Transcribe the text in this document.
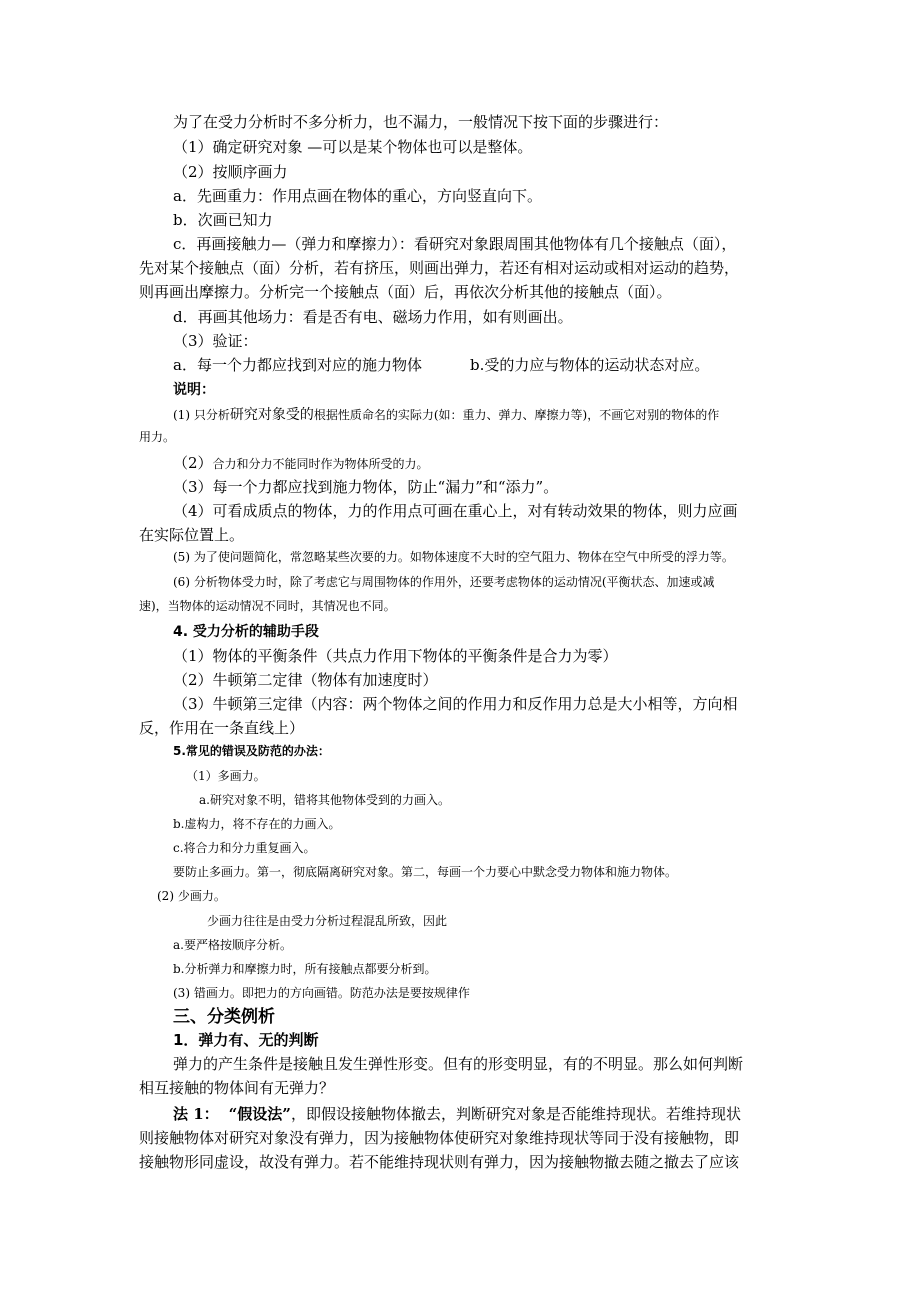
为了在受力分析时不多分析力，也不漏力，一般情况下按下面的步骤进行：
（1）确定研究对象 —可以是某个物体也可以是整体。
（2）按顺序画力
a．先画重力：作用点画在物体的重心，方向竖直向下。
b．次画已知力
c．再画接触力—（弹力和摩擦力）：看研究对象跟周围其他物体有几个接触点（面），
先对某个接触点（面）分析，若有挤压，则画出弹力，若还有相对运动或相对运动的趋势，
则再画出摩擦力。分析完一个接触点（面）后，再依次分析其他的接触点（面）。
d．再画其他场力：看是否有电、磁场力作用，如有则画出。
（3）验证：
a．每一个力都应找到对应的施力物体	b.受的力应与物体的运动状态对应。
说明：
(1) 只分析研究对象受的根据性质命名的实际力(如：重力、弹力、摩擦力等)，不画它对别的物体的作
用力。
（2）合力和分力不能同时作为物体所受的力。
（3）每一个力都应找到施力物体，防止“漏力”和“添力”。
（4）可看成质点的物体，力的作用点可画在重心上，对有转动效果的物体，则力应画
在实际位置上。
(5) 为了使问题简化，常忽略某些次要的力。如物体速度不大时的空气阻力、物体在空气中所受的浮力等。
(6) 分析物体受力时，除了考虑它与周围物体的作用外，还要考虑物体的运动情况(平衡状态、加速或减
速)，当物体的运动情况不同时，其情况也不同。
4. 受力分析的辅助手段
（1）物体的平衡条件（共点力作用下物体的平衡条件是合力为零）
（2）牛顿第二定律（物体有加速度时）
（3）牛顿第三定律（内容：两个物体之间的作用力和反作用力总是大小相等，方向相
反，作用在一条直线上）
5.常见的错误及防范的办法：
（1）多画力。
a.研究对象不明，错将其他物体受到的力画入。
b.虚构力，将不存在的力画入。
c.将合力和分力重复画入。
要防止多画力。第一，彻底隔离研究对象。第二，每画一个力要心中默念受力物体和施力物体。
(2) 少画力。
少画力往往是由受力分析过程混乱所致，因此
a.要严格按顺序分析。
b.分析弹力和摩擦力时，所有接触点都要分析到。
(3) 错画力。即把力的方向画错。防范办法是要按规律作
三、分类例析
1．弹力有、无的判断
弹力的产生条件是接触且发生弹性形变。但有的形变明显，有的不明显。那么如何判断
相互接触的物体间有无弹力？
法 1： “假设法”，即假设接触物体撤去，判断研究对象是否能维持现状。若维持现状
则接触物体对研究对象没有弹力，因为接触物体使研究对象维持现状等同于没有接触物，即
接触物形同虚设，故没有弹力。若不能维持现状则有弹力，因为接触物撤去随之撤去了应该
